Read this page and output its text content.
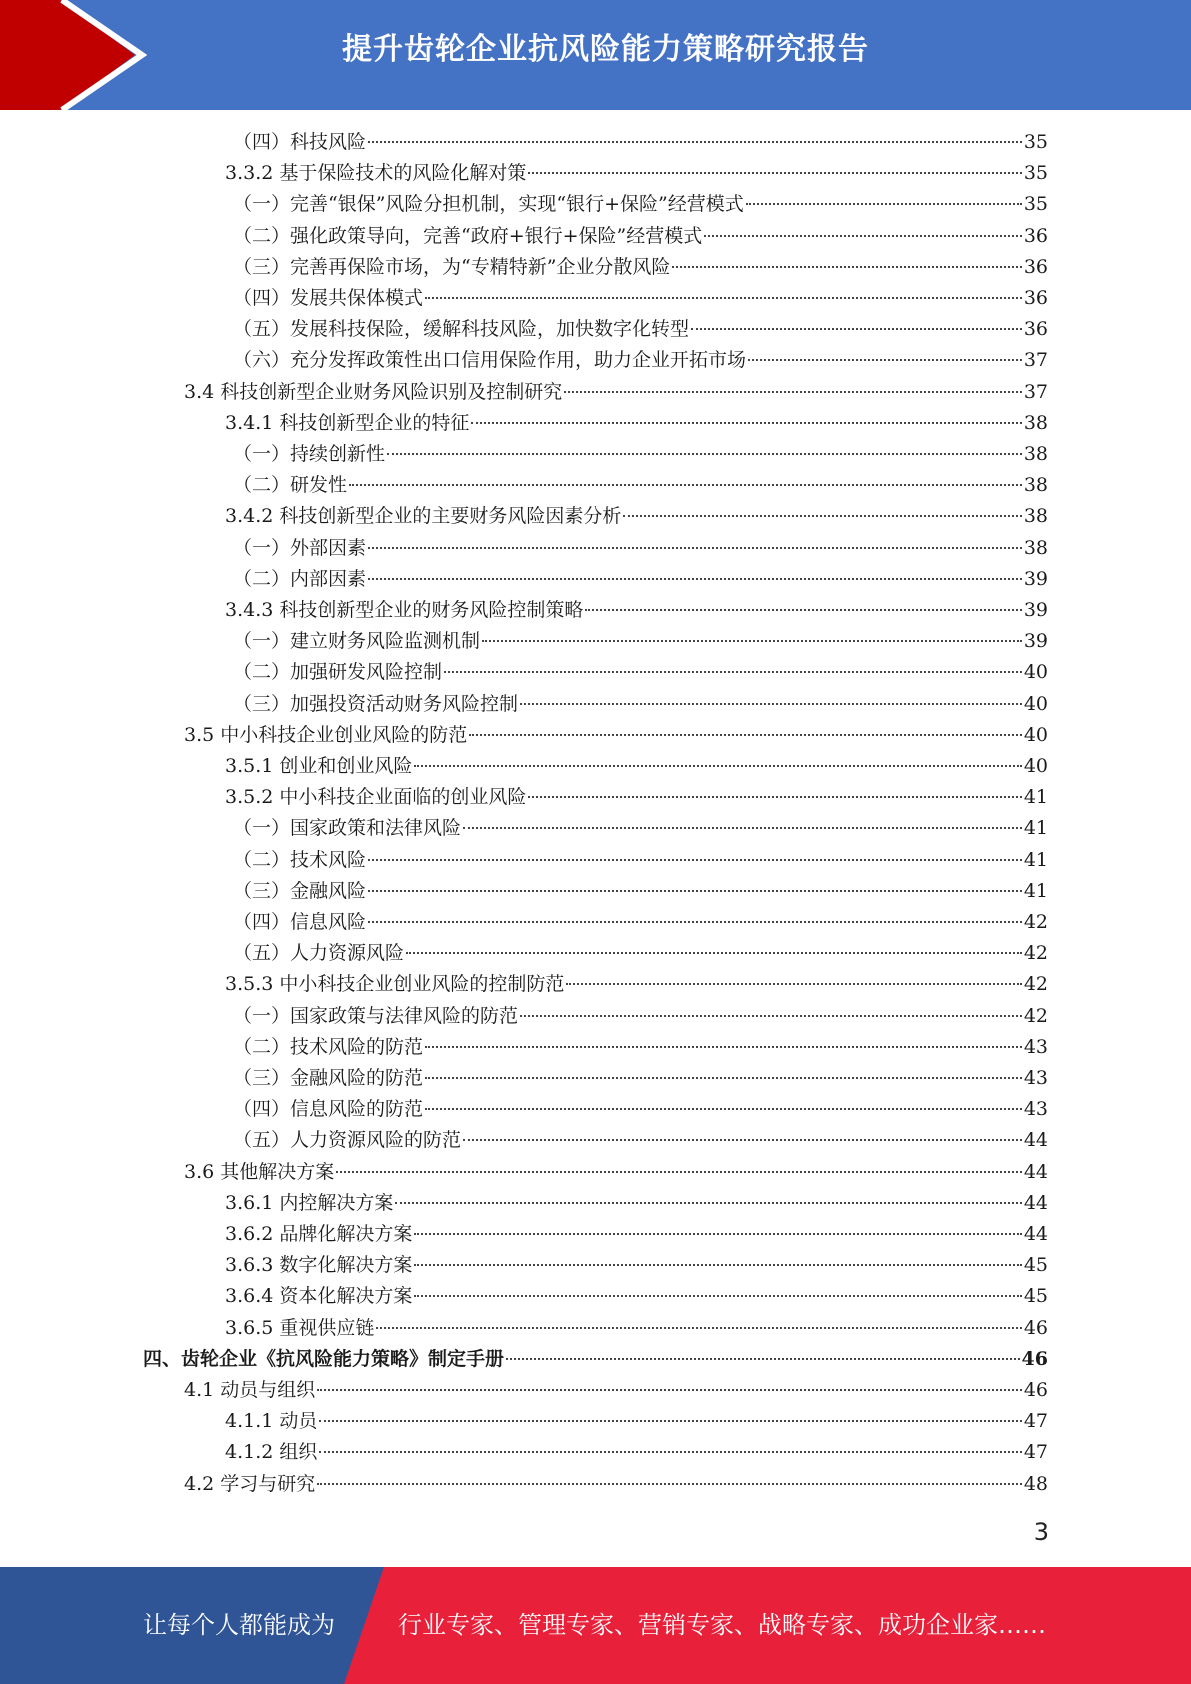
提升齿轮企业抗风险能力策略研究报告
（四）科技风险	35
3.3.2 基于保险技术的风险化解对策	35
（一）完善“银保”风险分担机制，实现“银行+保险”经营模式	35
（二）强化政策导向，完善“政府+银行+保险”经营模式	36
（三）完善再保险市场，为“专精特新”企业分散风险	36
（四）发展共保体模式	36
（五）发展科技保险，缓解科技风险，加快数字化转型	36
（六）充分发挥政策性出口信用保险作用，助力企业开拓市场	37
3.4 科技创新型企业财务风险识别及控制研究	37
3.4.1 科技创新型企业的特征	38
（一）持续创新性	38
（二）研发性	38
3.4.2 科技创新型企业的主要财务风险因素分析	38
（一）外部因素	38
（二）内部因素	39
3.4.3 科技创新型企业的财务风险控制策略	39
（一）建立财务风险监测机制	39
（二）加强研发风险控制	40
（三）加强投资活动财务风险控制	40
3.5 中小科技企业创业风险的防范	40
3.5.1 创业和创业风险	40
3.5.2 中小科技企业面临的创业风险	41
（一）国家政策和法律风险	41
（二）技术风险	41
（三）金融风险	41
（四）信息风险	42
（五）人力资源风险	42
3.5.3 中小科技企业创业风险的控制防范	42
（一）国家政策与法律风险的防范	42
（二）技术风险的防范	43
（三）金融风险的防范	43
（四）信息风险的防范	43
（五）人力资源风险的防范	44
3.6 其他解决方案	44
3.6.1 内控解决方案	44
3.6.2 品牌化解决方案	44
3.6.3 数字化解决方案	45
3.6.4 资本化解决方案	45
3.6.5 重视供应链	46
四、齿轮企业《抗风险能力策略》制定手册	46
4.1 动员与组织	46
4.1.1 动员	47
4.1.2 组织	47
4.2 学习与研究	48
3
让每个人都能成为	行业专家、管理专家、营销专家、战略专家、成功企业家……
